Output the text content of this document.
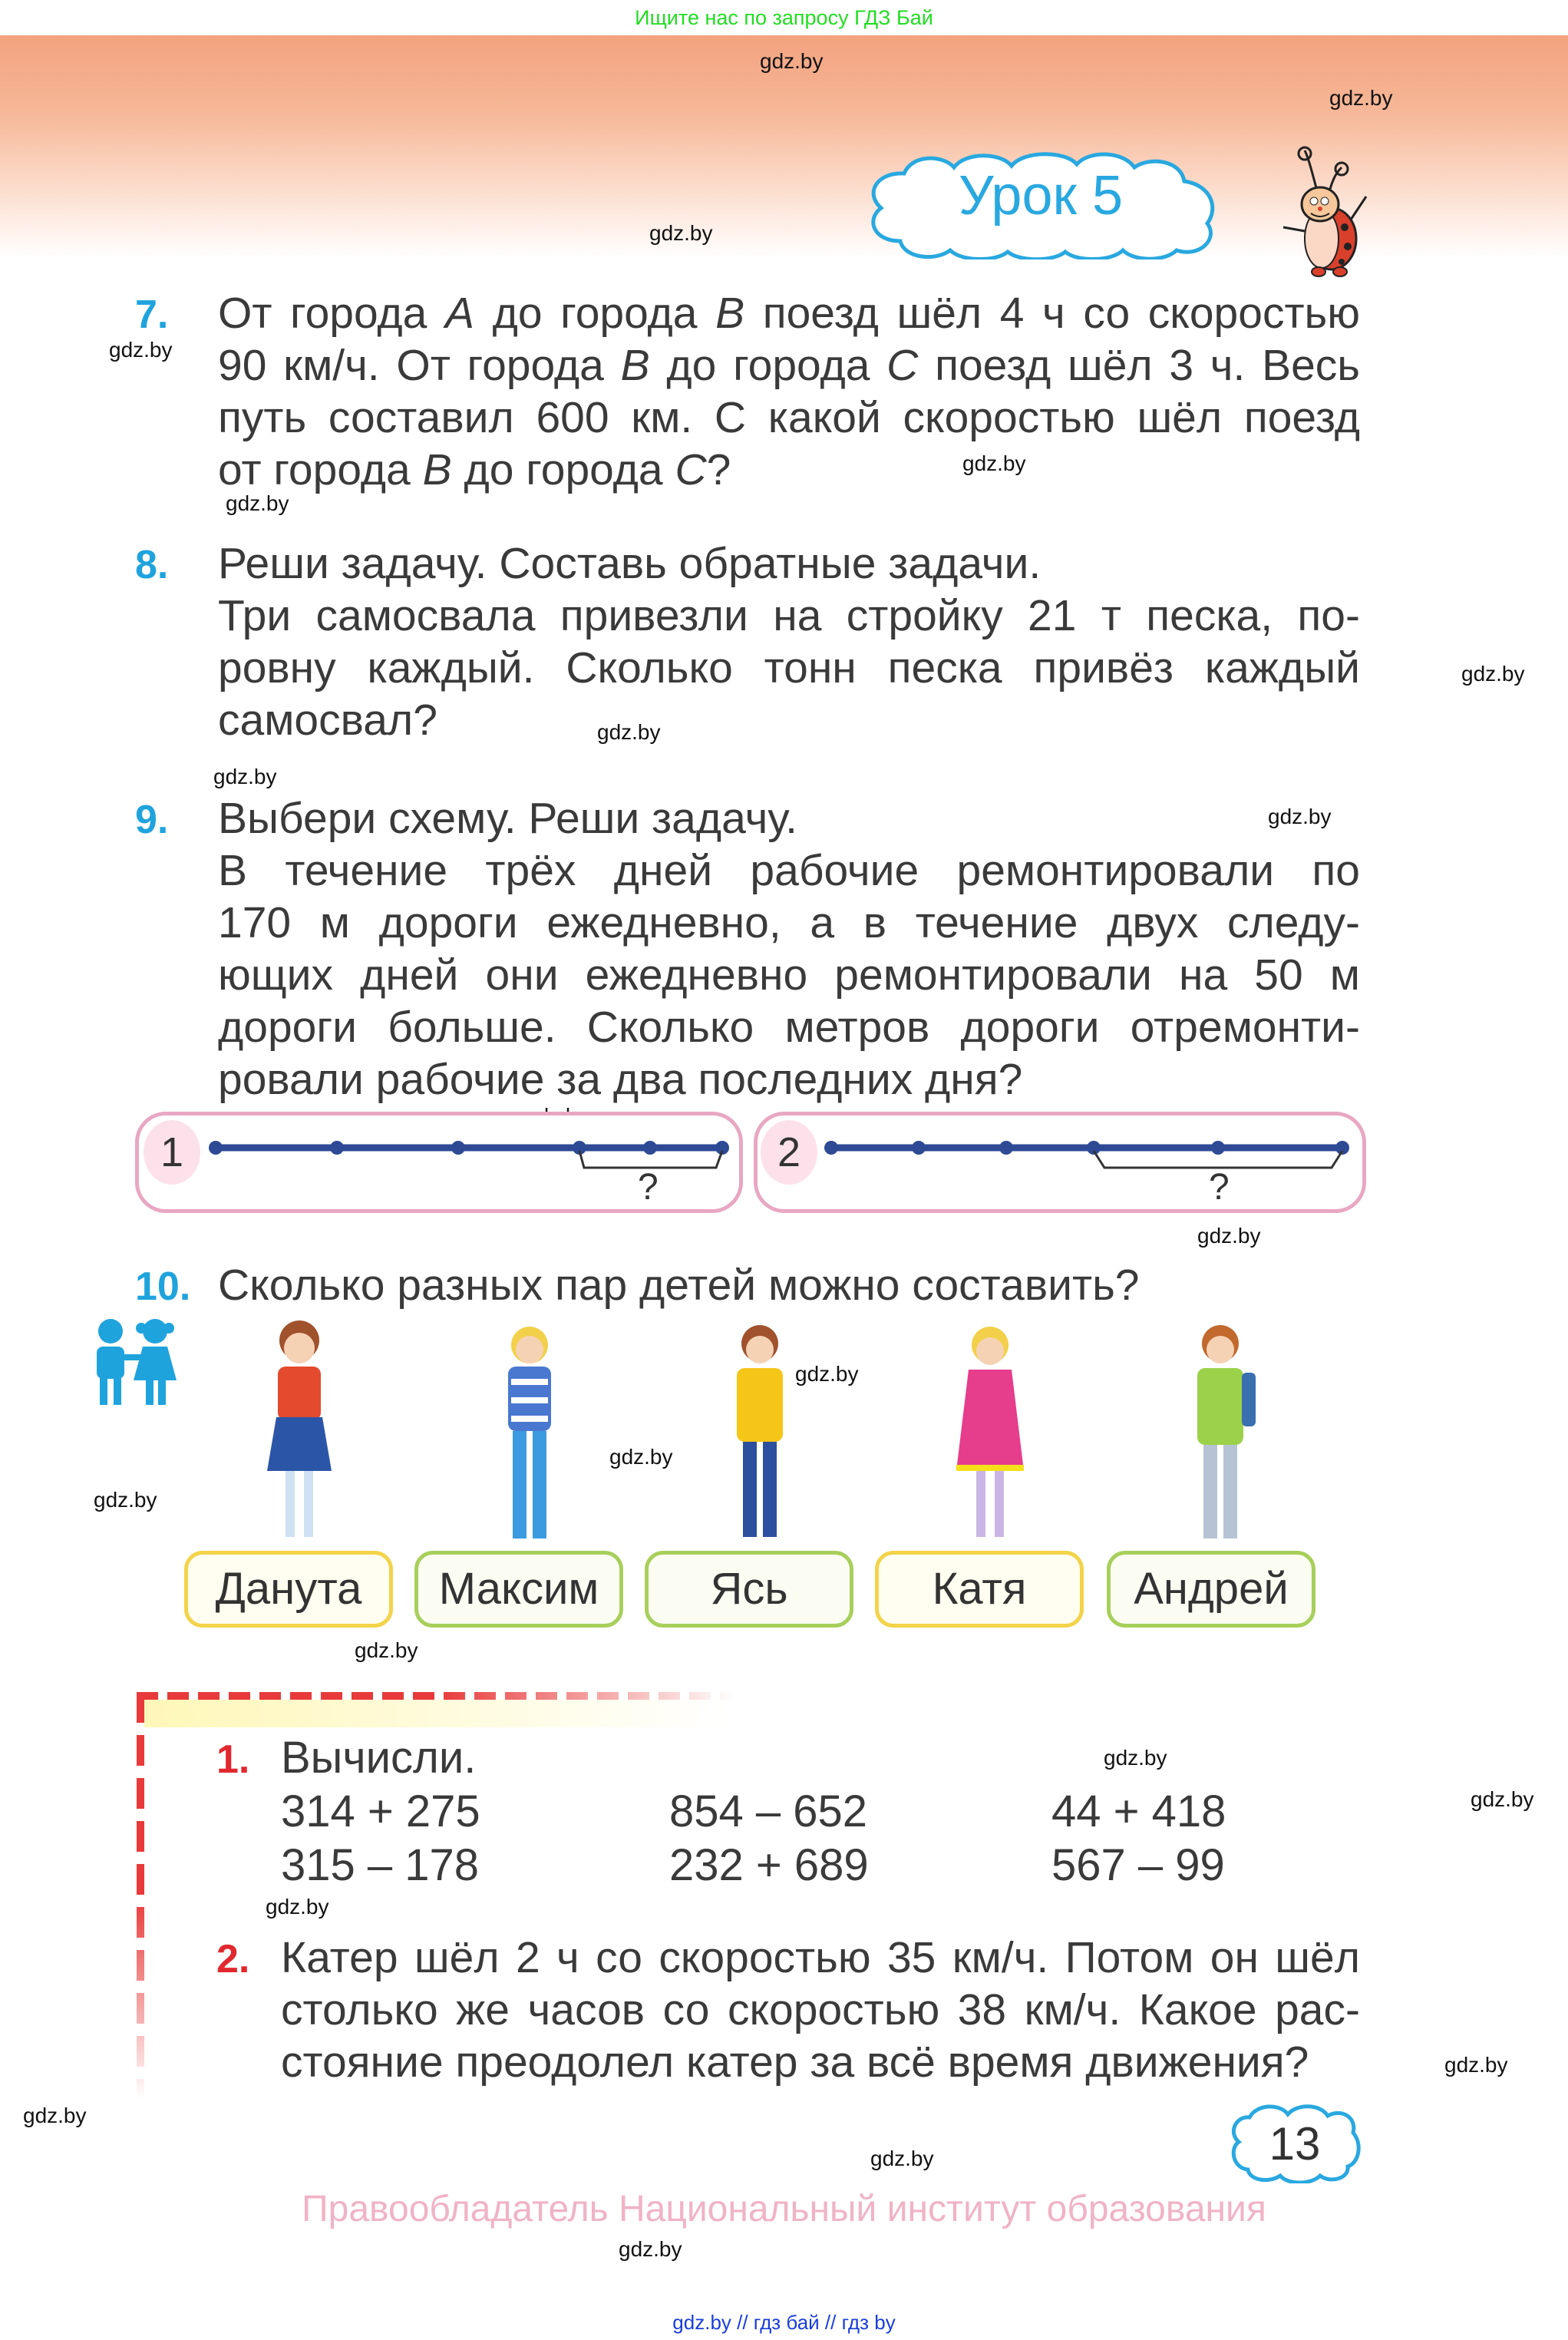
Ищите нас по запросу ГДЗ Бай
Урок 5
gdz.by
gdz.by
gdz.by
gdz.by
gdz.by
gdz.by
gdz.by
gdz.by
gdz.by
gdz.by
gdz.by
gdz.by
gdz.by
gdz.by
gdz.by
gdz.by
gdz.by
gdz.by
gdz.by
gdz.by
gdz.by
gdz.by
7. От города A до города B поезд шёл 4 ч со скоростью
90 км/ч. От города B до города C поезд шёл 3 ч. Весь
путь составил 600 км. С какой скоростью шёл поезд
от города B до города C?
8. Реши задачу. Составь обратные задачи.
Три самосвала привезли на стройку 21 т песка, по-
ровну каждый. Сколько тонн песка привёз каждый
самосвал?
9. Выбери схему. Реши задачу.
В течение трёх дней рабочие ремонтировали по
170 м дороги ежедневно, а в течение двух следу-
ющих дней они ежедневно ремонтировали на 50 м
дороги больше. Сколько метров дороги отремонти-
ровали рабочие за два последних дня?
1
?
2
?
10. Сколько разных пар детей можно составить?
Данута	Максим	Ясь	Катя	Андрей
1. Вычисли.
314 + 275	854 – 652	44 + 418
315 – 178	232 + 689	567 – 99
2. Катер шёл 2 ч со скоростью 35 км/ч. Потом он шёл
столько же часов со скоростью 38 км/ч. Какое рас-
стояние преодолел катер за всё время движения?
13
Правообладатель Национальный институт образования
gdz.by // гдз бай // гдз by
